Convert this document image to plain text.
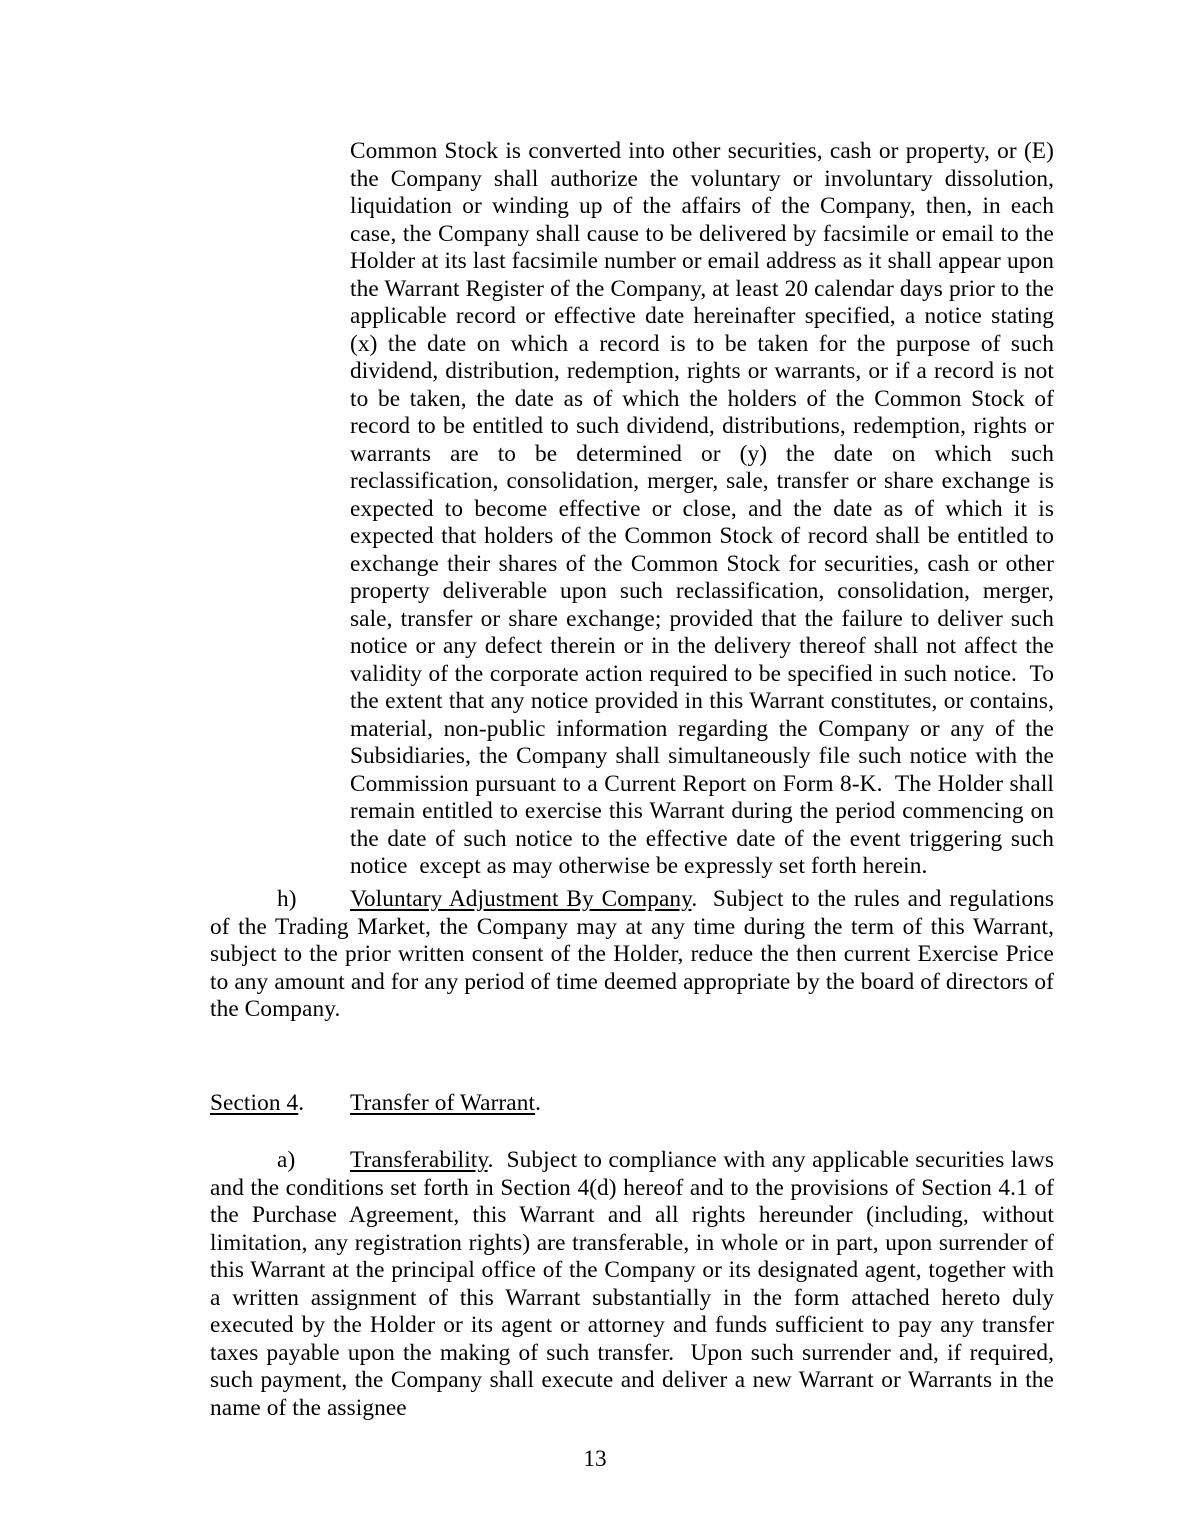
Common Stock is converted into other securities, cash or property, or (E) the Company shall authorize the voluntary or involuntary dissolution, liquidation or winding up of the affairs of the Company, then, in each case, the Company shall cause to be delivered by facsimile or email to the Holder at its last facsimile number or email address as it shall appear upon the Warrant Register of the Company, at least 20 calendar days prior to the applicable record or effective date hereinafter specified, a notice stating (x) the date on which a record is to be taken for the purpose of such dividend, distribution, redemption, rights or warrants, or if a record is not to be taken, the date as of which the holders of the Common Stock of record to be entitled to such dividend, distributions, redemption, rights or warrants are to be determined or (y) the date on which such reclassification, consolidation, merger, sale, transfer or share exchange is expected to become effective or close, and the date as of which it is expected that holders of the Common Stock of record shall be entitled to exchange their shares of the Common Stock for securities, cash or other property deliverable upon such reclassification, consolidation, merger, sale, transfer or share exchange; provided that the failure to deliver such notice or any defect therein or in the delivery thereof shall not affect the validity of the corporate action required to be specified in such notice.  To the extent that any notice provided in this Warrant constitutes, or contains, material, non-public information regarding the Company or any of the Subsidiaries, the Company shall simultaneously file such notice with the Commission pursuant to a Current Report on Form 8-K.  The Holder shall remain entitled to exercise this Warrant during the period commencing on the date of such notice to the effective date of the event triggering such notice  except as may otherwise be expressly set forth herein.

h) Voluntary Adjustment By Company.  Subject to the rules and regulations of the Trading Market, the Company may at any time during the term of this Warrant, subject to the prior written consent of the Holder, reduce the then current Exercise Price to any amount and for any period of time deemed appropriate by the board of directors of the Company.

Section 4. Transfer of Warrant.

a) Transferability.  Subject to compliance with any applicable securities laws and the conditions set forth in Section 4(d) hereof and to the provisions of Section 4.1 of the Purchase Agreement, this Warrant and all rights hereunder (including, without limitation, any registration rights) are transferable, in whole or in part, upon surrender of this Warrant at the principal office of the Company or its designated agent, together with a written assignment of this Warrant substantially in the form attached hereto duly executed by the Holder or its agent or attorney and funds sufficient to pay any transfer taxes payable upon the making of such transfer.  Upon such surrender and, if required, such payment, the Company shall execute and deliver a new Warrant or Warrants in the name of the assignee

13
